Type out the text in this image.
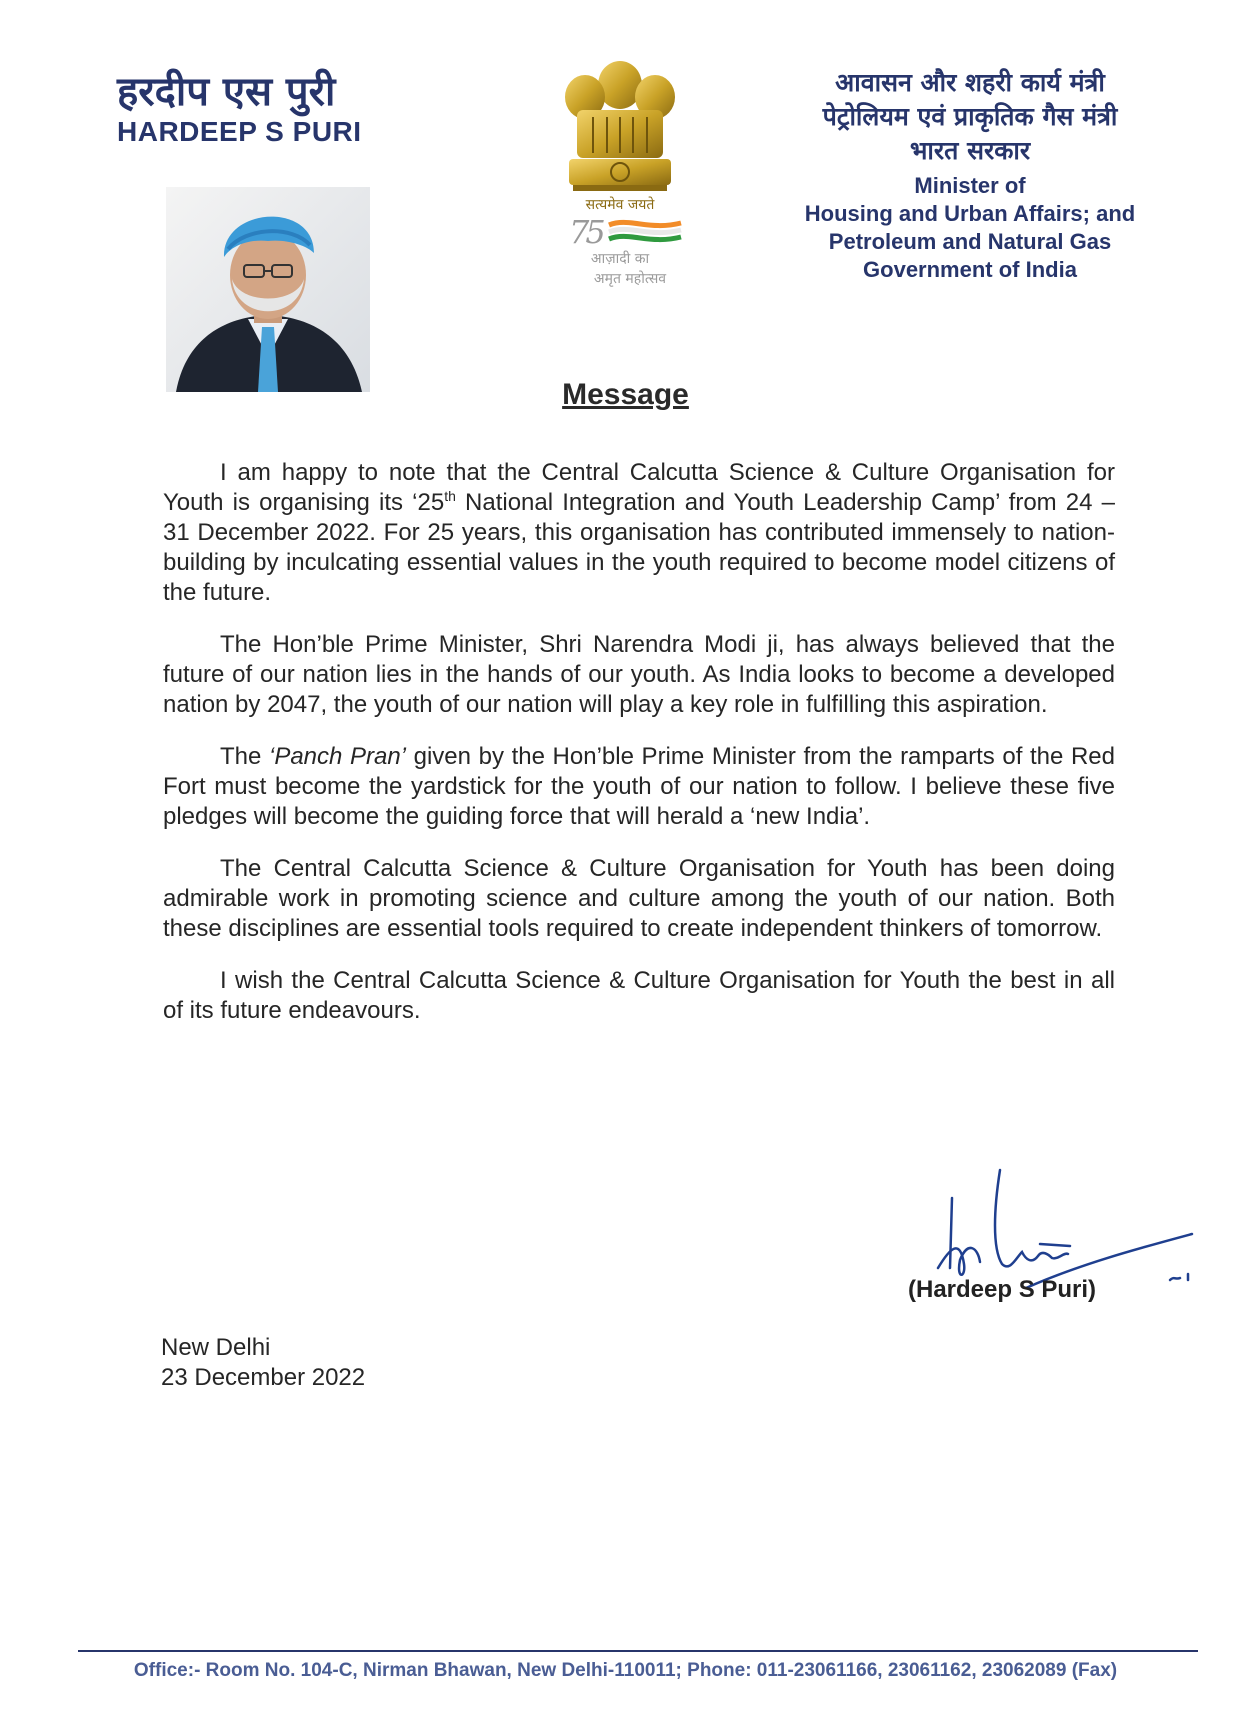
हरदीप एस पुरी
HARDEEP S PURI
सत्यमेव जयते
75
आज़ादी का
अमृत महोत्सव
आवासन और शहरी कार्य मंत्री
पेट्रोलियम एवं प्राकृतिक गैस मंत्री
भारत सरकार
Minister of
Housing and Urban Affairs; and
Petroleum and Natural Gas
Government of India
Message

I am happy to note that the Central Calcutta Science & Culture Organisation for Youth is organising its ‘25th National Integration and Youth Leadership Camp’ from 24 – 31 December 2022. For 25 years, this organisation has contributed immensely to nation-building by inculcating essential values in the youth required to become model citizens of the future.

The Hon’ble Prime Minister, Shri Narendra Modi ji, has always believed that the future of our nation lies in the hands of our youth. As India looks to become a developed nation by 2047, the youth of our nation will play a key role in fulfilling this aspiration.

The ‘Panch Pran’ given by the Hon’ble Prime Minister from the ramparts of the Red Fort must become the yardstick for the youth of our nation to follow. I believe these five pledges will become the guiding force that will herald a ‘new India’.

The Central Calcutta Science & Culture Organisation for Youth has been doing admirable work in promoting science and culture among the youth of our nation. Both these disciplines are essential tools required to create independent thinkers of tomorrow.

I wish the Central Calcutta Science & Culture Organisation for Youth the best in all of its future endeavours.

(Hardeep S Puri)
New Delhi
23 December 2022
Office:- Room No. 104-C, Nirman Bhawan, New Delhi-110011; Phone: 011-23061166, 23061162, 23062089 (Fax)
